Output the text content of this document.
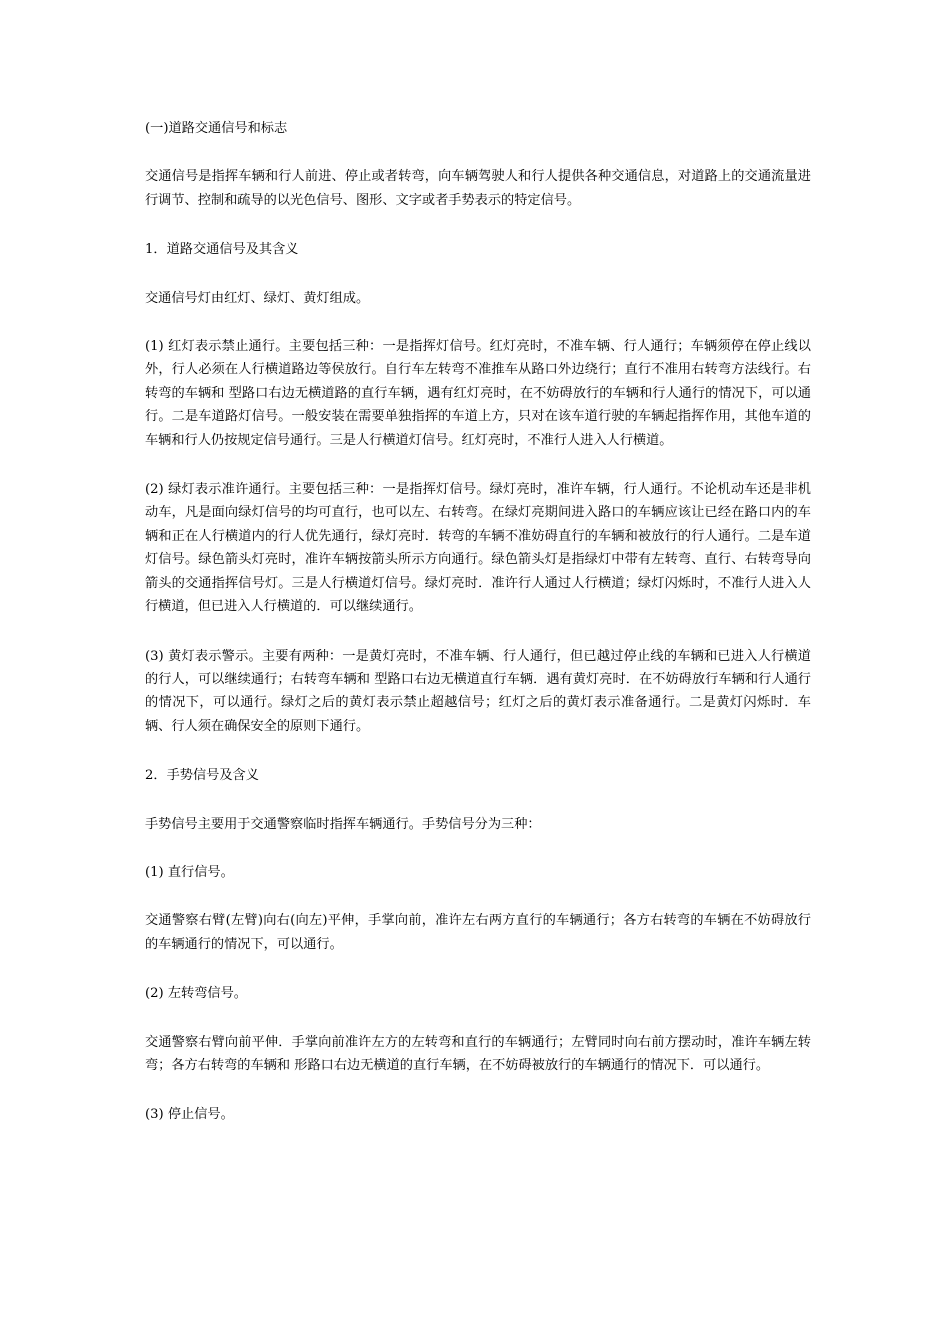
(一)道路交通信号和标志

交通信号是指挥车辆和行人前进、停止或者转弯，向车辆驾驶人和行人提供各种交通信息，对道路上的交通流量进行调节、控制和疏导的以光色信号、图形、文字或者手势表示的特定信号。

1．道路交通信号及其含义

交通信号灯由红灯、绿灯、黄灯组成。

(1) 红灯表示禁止通行。主要包括三种：一是指挥灯信号。红灯亮时，不准车辆、行人通行；车辆须停在停止线以外，行人必须在人行横道路边等侯放行。自行车左转弯不准推车从路口外边绕行；直行不准用右转弯方法线行。右转弯的车辆和 型路口右边无横道路的直行车辆，遇有红灯亮时，在不妨碍放行的车辆和行人通行的情况下，可以通行。二是车道路灯信号。一般安装在需要单独指挥的车道上方，只对在该车道行驶的车辆起指挥作用，其他车道的车辆和行人仍按规定信号通行。三是人行横道灯信号。红灯亮时，不准行人进入人行横道。

(2) 绿灯表示准许通行。主要包括三种：一是指挥灯信号。绿灯亮时，准许车辆，行人通行。不论机动车还是非机动车，凡是面向绿灯信号的均可直行，也可以左、右转弯。在绿灯亮期间进入路口的车辆应该让已经在路口内的车辆和正在人行横道内的行人优先通行，绿灯亮时．转弯的车辆不准妨碍直行的车辆和被放行的行人通行。二是车道灯信号。绿色箭头灯亮时，准许车辆按箭头所示方向通行。绿色箭头灯是指绿灯中带有左转弯、直行、右转弯导向箭头的交通指挥信号灯。三是人行横道灯信号。绿灯亮时．准许行人通过人行横道；绿灯闪烁时，不准行人进入人行横道，但已进入人行横道的．可以继续通行。

(3) 黄灯表示警示。主要有两种：一是黄灯亮时，不准车辆、行人通行，但已越过停止线的车辆和已进入人行横道的行人，可以继续通行；右转弯车辆和 型路口右边无横道直行车辆．遇有黄灯亮时．在不妨碍放行车辆和行人通行的情况下，可以通行。绿灯之后的黄灯表示禁止超越信号；红灯之后的黄灯表示准备通行。二是黄灯闪烁时．车辆、行人须在确保安全的原则下通行。

2．手势信号及含义

手势信号主要用于交通警察临时指挥车辆通行。手势信号分为三种：

(1) 直行信号。

交通警察右臂(左臂)向右(向左)平伸，手掌向前，准许左右两方直行的车辆通行；各方右转弯的车辆在不妨碍放行的车辆通行的情况下，可以通行。

(2) 左转弯信号。

交通警察右臂向前平伸．手掌向前准许左方的左转弯和直行的车辆通行；左臂同时向右前方摆动时，准许车辆左转弯；各方右转弯的车辆和 形路口右边无横道的直行车辆，在不妨碍被放行的车辆通行的情况下．可以通行。

(3) 停止信号。
